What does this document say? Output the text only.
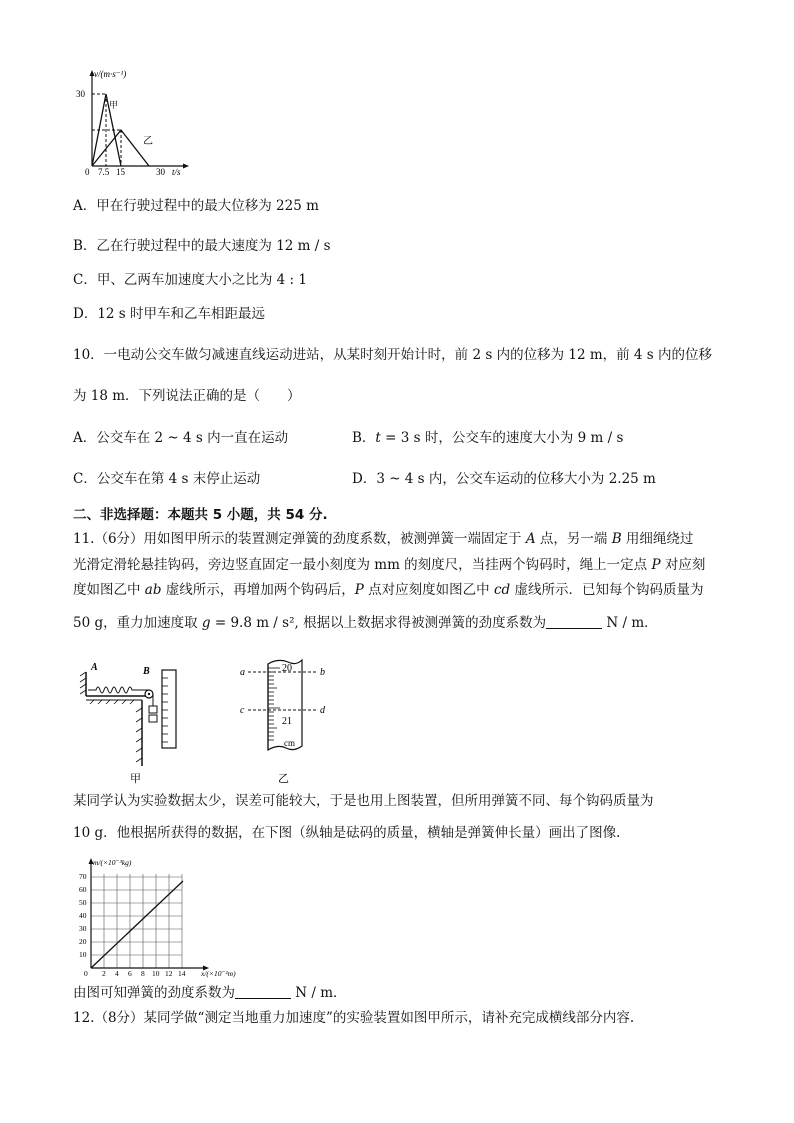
v/(m·s⁻¹)
30
甲
乙
0 7.5 15	30 t/s
A．甲在行驶过程中的最大位移为 225 m
B．乙在行驶过程中的最大速度为 12 m / s
C．甲、乙两车加速度大小之比为 4 : 1
D．12 s 时甲车和乙车相距最远
10．一电动公交车做匀减速直线运动进站，从某时刻开始计时，前 2 s 内的位移为 12 m，前 4 s 内的位移
为 18 m．下列说法正确的是（　　）
A．公交车在 2 ~ 4 s 内一直在运动	B．t = 3 s 时，公交车的速度大小为 9 m / s
C．公交车在第 4 s 末停止运动	D．3 ~ 4 s 内，公交车运动的位移大小为 2.25 m
二、非选择题：本题共 5 小题，共 54 分.
11.（6分）用如图甲所示的装置测定弹簧的劲度系数，被测弹簧一端固定于 A 点，另一端 B 用细绳绕过
光滑定滑轮悬挂钩码，旁边竖直固定一最小刻度为 mm 的刻度尺，当挂两个钩码时，绳上一定点 P 对应刻
度如图乙中 ab 虚线所示，再增加两个钩码后，P 点对应刻度如图乙中 cd 虚线所示．已知每个钩码质量为
50 g，重力加速度取 g = 9.8 m / s², 根据以上数据求得被测弹簧的劲度系数为	N / m．
A	B
甲
20
21
cm
a	b
c	d
乙
某同学认为实验数据太少，误差可能较大，于是也用上图装置，但所用弹簧不同、每个钩码质量为
10 g．他根据所获得的数据，在下图（纵轴是砝码的质量，横轴是弹簧伸长量）画出了图像.
m/(×10⁻³kg)
x/(×10⁻²m)
0
10
20
30
40
50
60
70
2 4 6 8 10 12 14
由图可知弹簧的劲度系数为	N / m．
12.（8分）某同学做“测定当地重力加速度”的实验装置如图甲所示，请补充完成横线部分内容.
